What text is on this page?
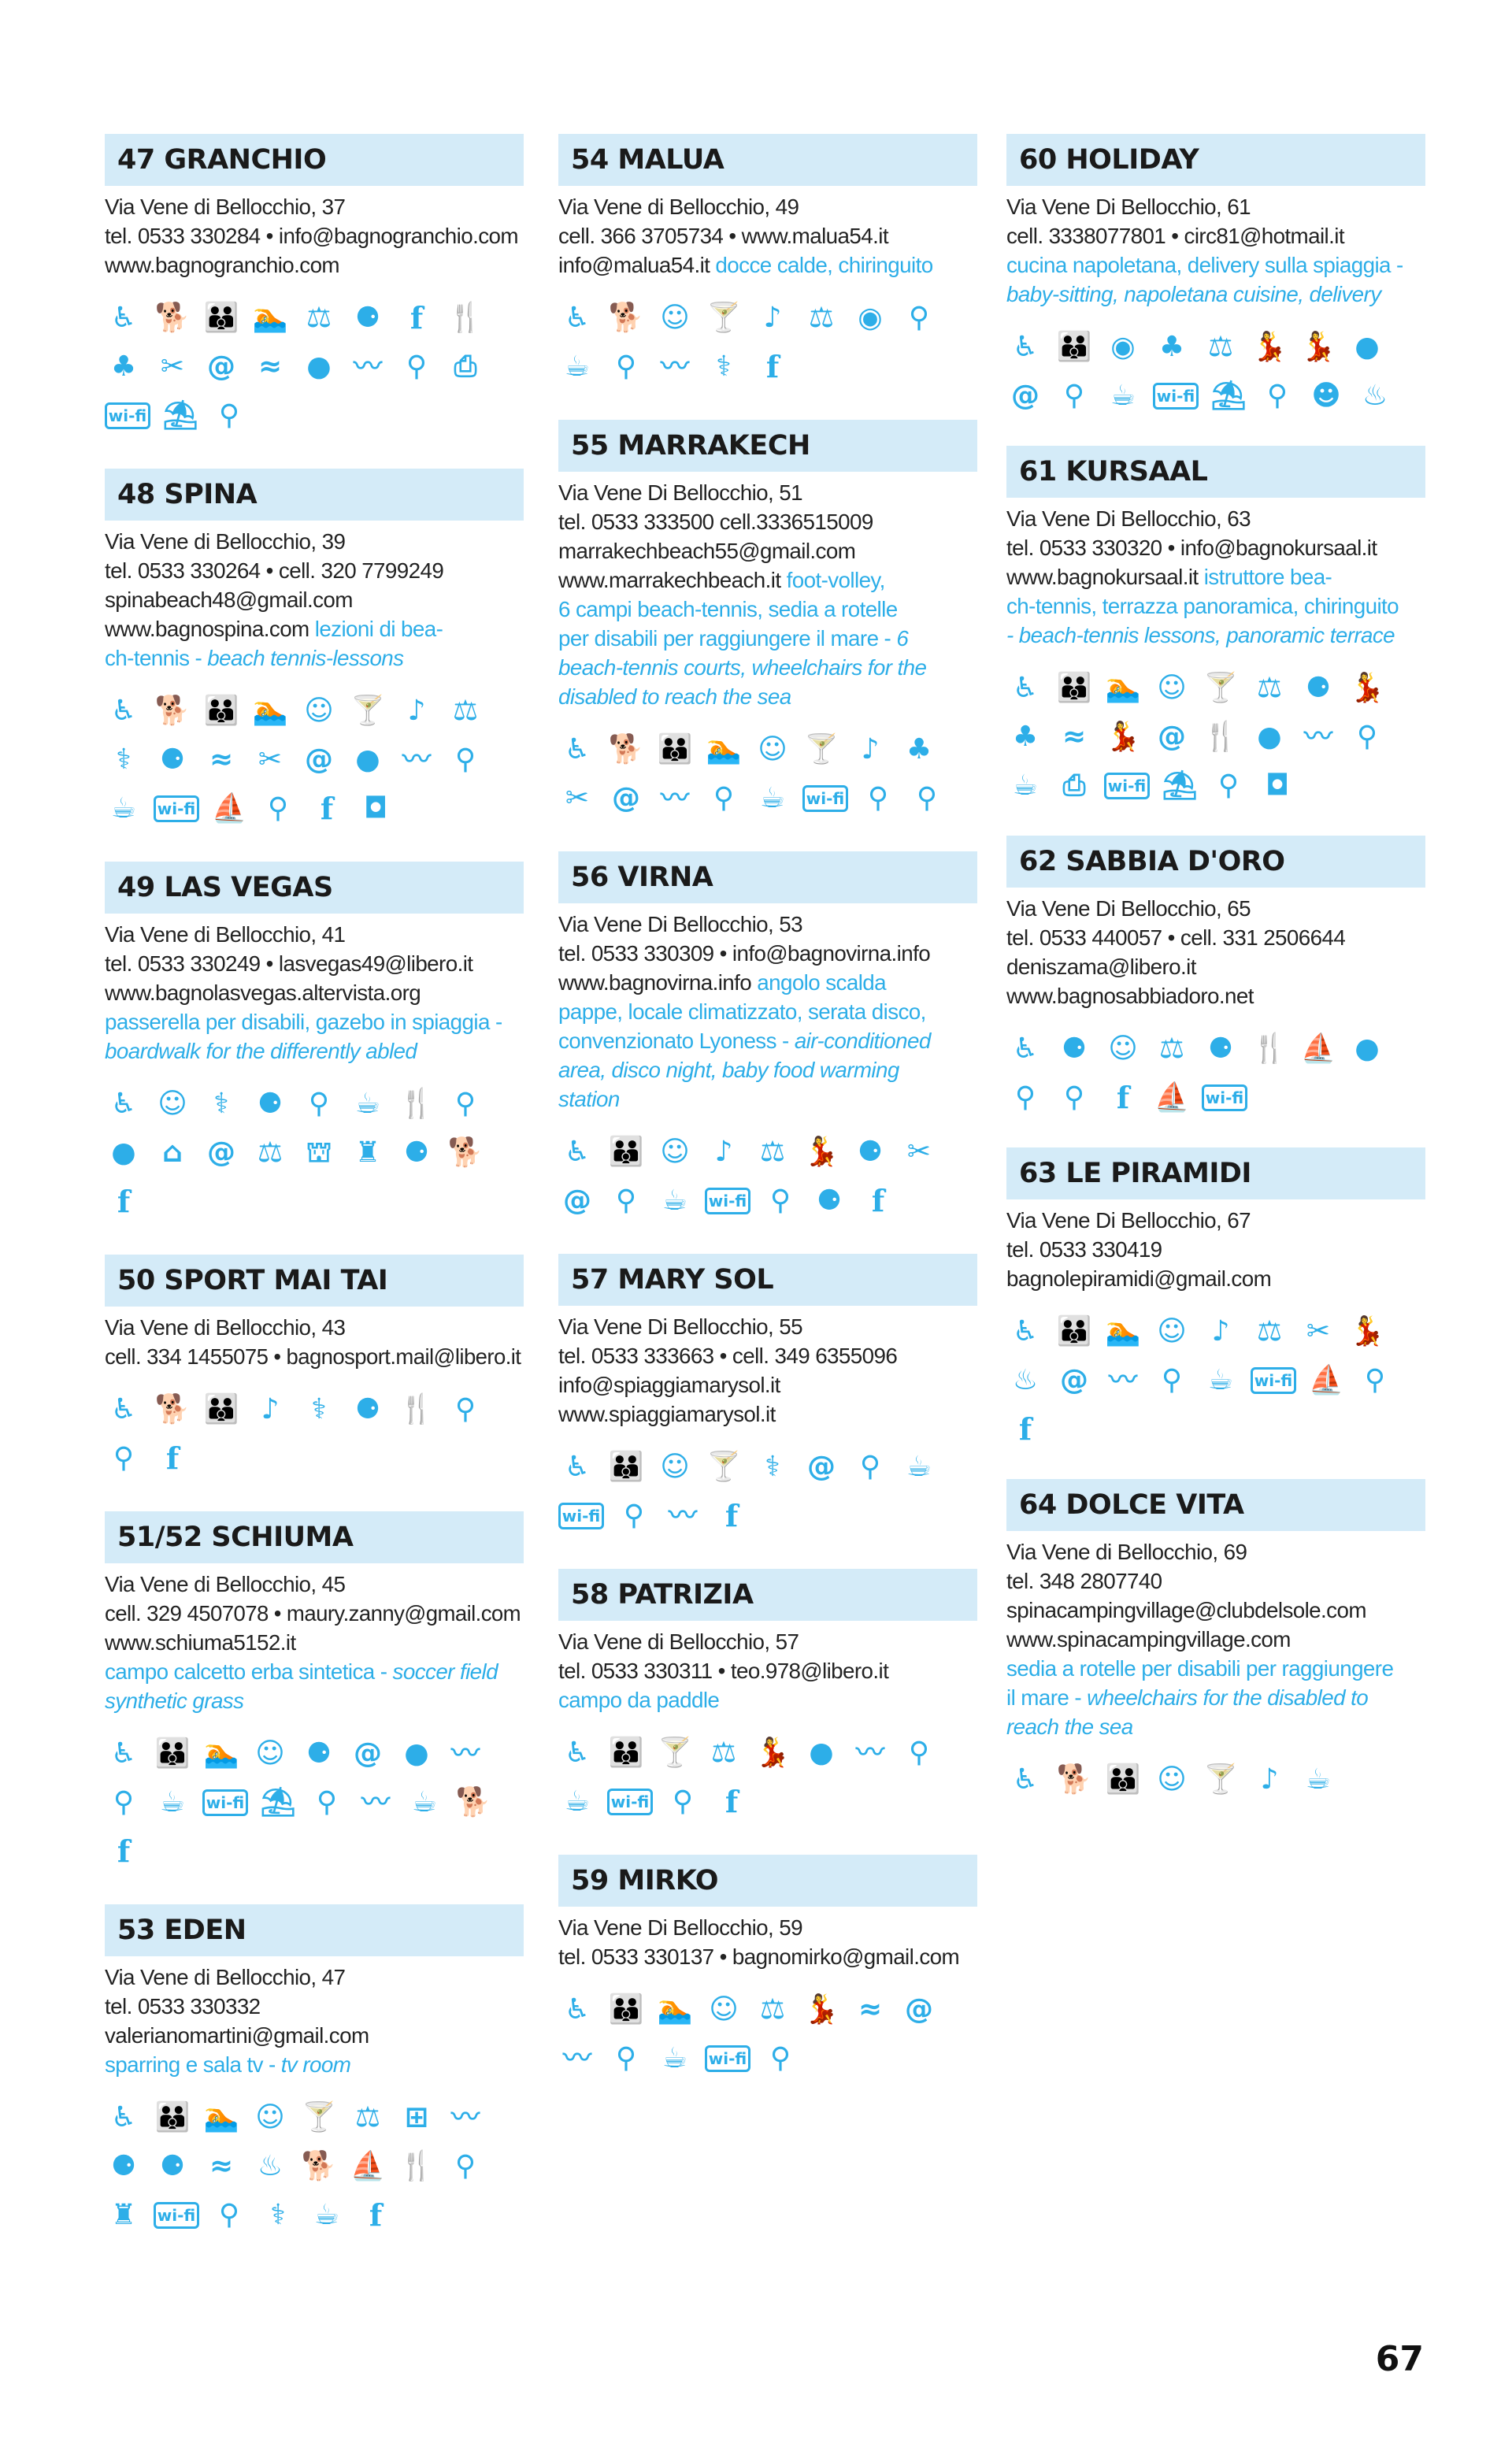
47 GRANCHIO
Via Vene di Bellocchio, 37
tel. 0533 330284 • info@bagnogranchio.com
www.bagnogranchio.com
♿ 🐕 👪 🏊 ⚖ ⚈ f 🍴
♣ ✂ @ ≈ ● 〰 ⚲ ⎙
wi-fi ⛱ ⚲
48 SPINA
Via Vene di Bellocchio, 39
tel. 0533 330264 • cell. 320 7799249
spinabeach48@gmail.com
www.bagnospina.com lezioni di bea-
ch-tennis - beach tennis-lessons
♿ 🐕 👪 🏊 ☺ 🍸 ♪ ⚖
⚕	⚈ ≈ ✂ @ ● 〰 ⚲
☕	wi-fi ⛵ ⚲	f	◘
49 LAS VEGAS
Via Vene di Bellocchio, 41
tel. 0533 330249 • lasvegas49@libero.it
www.bagnolasvegas.altervista.org
passerella per disabili, gazebo in spiaggia -
boardwalk for the differently abled
♿ ☺ ⚕	⚈ ⚲ ☕ 🍴 ⚲
● ⌂ @ ⚖ ⛫ ♜ ⚈ 🐕
f
50 SPORT MAI TAI
Via Vene di Bellocchio, 43
cell. 334 1455075 • bagnosport.mail@libero.it
♿ 🐕 👪 ♪	⚕	⚈ 🍴 ⚲
⚲	f
51/52 SCHIUMA
Via Vene di Bellocchio, 45
cell. 329 4507078 • maury.zanny@gmail.com
www.schiuma5152.it
campo calcetto erba sintetica - soccer field
synthetic grass
♿ 👪 🏊 ☺ ⚈ @ ● 〰
⚲ ☕	wi-fi ⛱ ⚲ 〰 ☕ 🐕
f
53 EDEN
Via Vene di Bellocchio, 47
tel. 0533 330332
valerianomartini@gmail.com
sparring e sala tv - tv room
♿ 👪 🏊 ☺ 🍸 ⚖ ⊞ 〰
⚈ ⚈ ≈ ♨ 🐕 ⛵ 🍴 ⚲
♜	wi-fi ⚲	⚕	☕ f
54 MALUA
Via Vene di Bellocchio, 49
cell. 366 3705734 • www.malua54.it
info@malua54.it docce calde, chiringuito
♿ 🐕 ☺ 🍸 ♪ ⚖ ◉ ⚲
☕ ⚲ 〰 ⚕	f
55 MARRAKECH
Via Vene Di Bellocchio, 51
tel. 0533 333500 cell.3336515009
marrakechbeach55@gmail.com
www.marrakechbeach.it foot-volley,
6 campi beach-tennis, sedia a rotelle
per disabili per raggiungere il mare - 6
beach-tennis courts, wheelchairs for the
disabled to reach the sea
♿ 🐕 👪 🏊 ☺ 🍸 ♪ ♣
✂ @ 〰 ⚲ ☕	wi-fi ⚲ ⚲
56 VIRNA
Via Vene Di Bellocchio, 53
tel. 0533 330309 • info@bagnovirna.info
www.bagnovirna.info angolo scalda
pappe, locale climatizzato, serata disco,
convenzionato Lyoness - air-conditioned
area, disco night, baby food warming
station
♿ 👪 ☺ ♪ ⚖ 💃 ⚈ ✂
@ ⚲ ☕	wi-fi ⚲ ⚈ f
57 MARY SOL
Via Vene Di Bellocchio, 55
tel. 0533 333663 • cell. 349 6355096
info@spiaggiamarysol.it
www.spiaggiamarysol.it
♿ 👪 ☺ 🍸 ⚕ @ ⚲ ☕
wi-fi ⚲ 〰 f
58 PATRIZIA
Via Vene di Bellocchio, 57
tel. 0533 330311 • teo.978@libero.it
campo da paddle
♿ 👪 🍸 ⚖ 💃 ● 〰 ⚲
☕	wi-fi ⚲	f
59 MIRKO
Via Vene Di Bellocchio, 59
tel. 0533 330137 • bagnomirko@gmail.com
♿ 👪 🏊 ☺ ⚖ 💃 ≈ @
〰 ⚲ ☕	wi-fi ⚲
60 HOLIDAY
Via Vene Di Bellocchio, 61
cell. 3338077801 • circ81@hotmail.it
cucina napoletana, delivery sulla spiaggia -
baby-sitting, napoletana cuisine, delivery
♿ 👪 ◉ ♣ ⚖ 💃 💃 ●
@ ⚲ ☕	wi-fi ⛱ ⚲ ☻ ♨
61 KURSAAL
Via Vene Di Bellocchio, 63
tel. 0533 330320 • info@bagnokursaal.it
www.bagnokursaal.it istruttore bea-
ch-tennis, terrazza panoramica, chiringuito
- beach-tennis lessons, panoramic terrace
♿ 👪 🏊 ☺ 🍸 ⚖ ⚈ 💃
♣ ≈ 💃 @ 🍴 ● 〰 ⚲
☕ ⎙	wi-fi ⛱ ⚲ ◘
62 SABBIA D'ORO
Via Vene Di Bellocchio, 65
tel. 0533 440057 • cell. 331 2506644
deniszama@libero.it
www.bagnosabbiadoro.net
♿ ⚈ ☺ ⚖ ⚈ 🍴 ⛵ ●
⚲ ⚲	f ⛵ wi-fi
63 LE PIRAMIDI
Via Vene Di Bellocchio, 67
tel. 0533 330419
bagnolepiramidi@gmail.com
♿ 👪 🏊 ☺ ♪ ⚖ ✂ 💃
♨ @ 〰 ⚲ ☕	wi-fi ⛵ ⚲
f
64 DOLCE VITA
Via Vene di Bellocchio, 69
tel. 348 2807740
spinacampingvillage@clubdelsole.com
www.spinacampingvillage.com
sedia a rotelle per disabili per raggiungere
il mare - wheelchairs for the disabled to
reach the sea
♿ 🐕 👪 ☺ 🍸 ♪ ☕
67
